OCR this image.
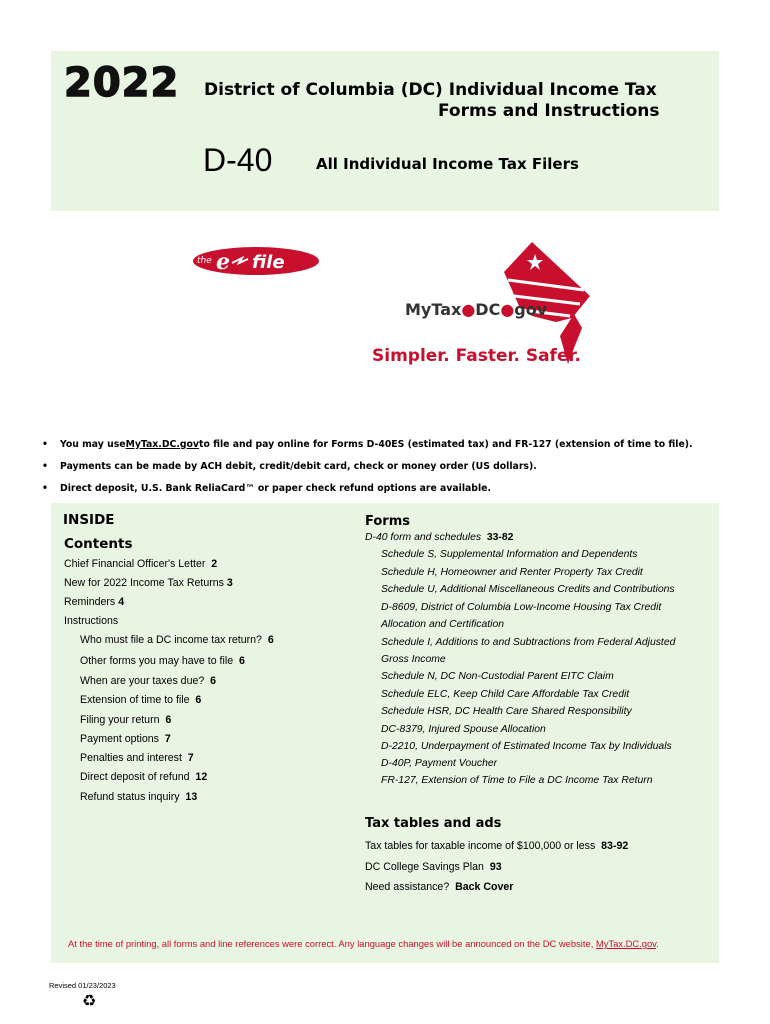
2022 District of Columbia (DC) Individual Income Tax
Forms and Instructions
D-40	All Individual Income Tax Filers
the e file
MyTax●DC●gov
Simpler. Faster. Safer.
•	You may use MyTax.DC.gov to file and pay online for Forms D-40ES (estimated tax) and FR-127 (extension of time to file).
•	Payments can be made by ACH debit, credit/debit card, check or money order (US dollars).
•	Direct deposit, U.S. Bank ReliaCard™ or paper check refund options are available.
INSIDE
Contents
Chief Financial Officer's Letter 2
New for 2022 Income Tax Returns 3
Reminders 4
Instructions
Who must file a DC income tax return? 6
Other forms you may have to file 6
When are your taxes due? 6
Extension of time to file 6
Filing your return 6
Payment options 7
Penalties and interest 7
Direct deposit of refund 12
Refund status inquiry 13
Forms
D-40 form and schedules 33-82
Schedule S, Supplemental Information and Dependents
Schedule H, Homeowner and Renter Property Tax Credit
Schedule U, Additional Miscellaneous Credits and Contributions
D-8609, District of Columbia Low-Income Housing Tax Credit
Allocation and Certification
Schedule I, Additions to and Subtractions from Federal Adjusted
Gross Income
Schedule N, DC Non-Custodial Parent EITC Claim
Schedule ELC, Keep Child Care Affordable Tax Credit
Schedule HSR, DC Health Care Shared Responsibility
DC-8379, Injured Spouse Allocation
D-2210, Underpayment of Estimated Income Tax by Individuals
D-40P, Payment Voucher
FR-127, Extension of Time to File a DC Income Tax Return
Tax tables and ads
Tax tables for taxable income of $100,000 or less 83-92
DC College Savings Plan 93
Need assistance? Back Cover
At the time of printing, all forms and line references were correct. Any language changes will be announced on the DC website, MyTax.DC.gov.
Revised 01/23/2023
♻
